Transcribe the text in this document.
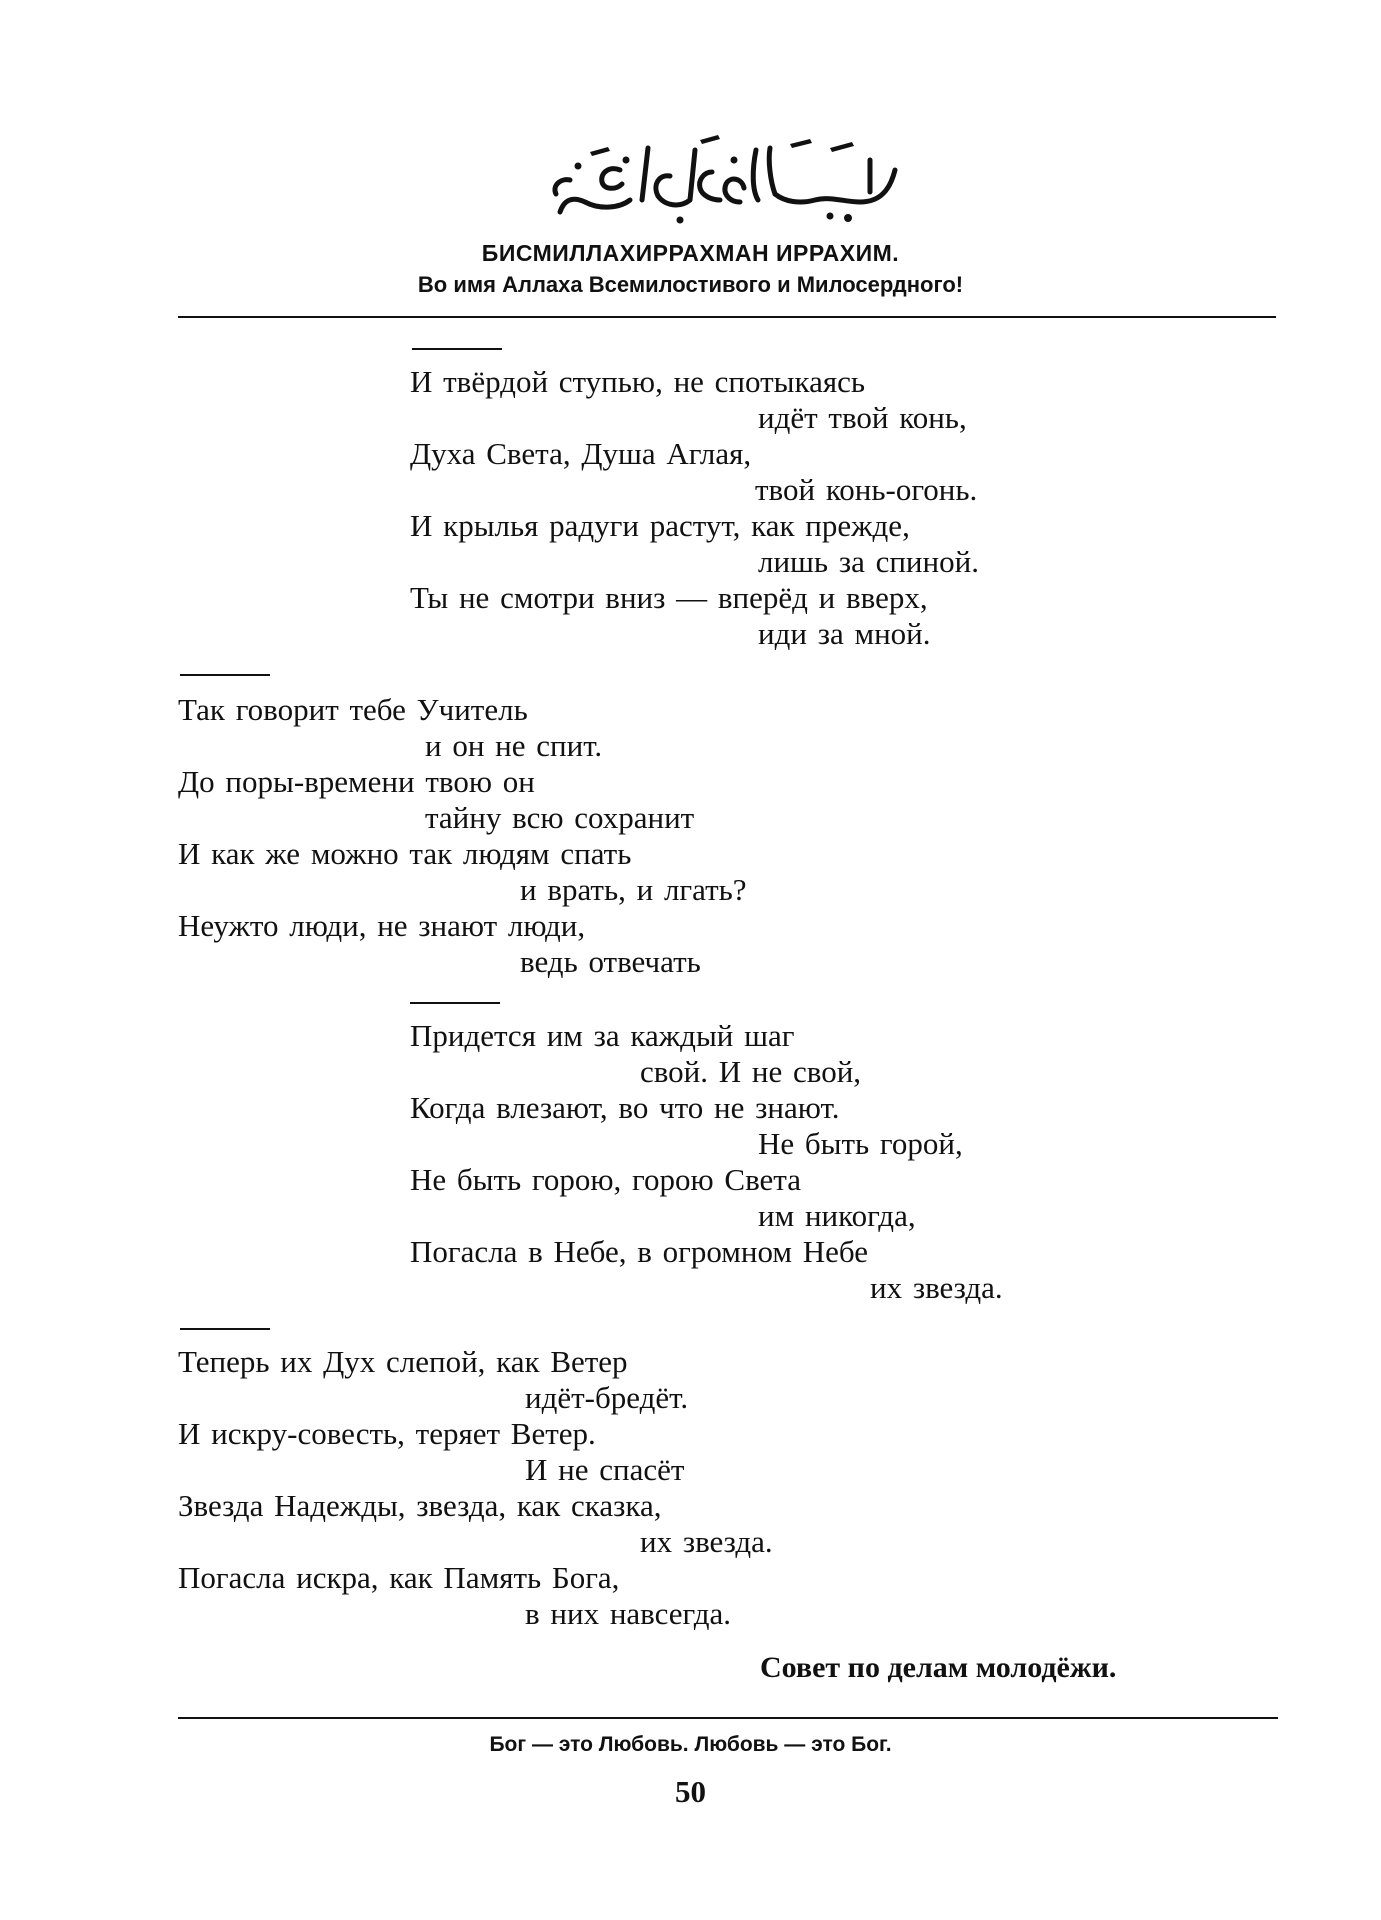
БИСМИЛЛАХИРРАХМАН ИРРАХИМ.
Во имя Аллаха Всемилостивого и Милосердного!
И твёрдой ступью, не спотыкаясь
идёт твой конь,
Духа Света, Душа Аглая,
твой конь-огонь.
И крылья радуги растут, как прежде,
лишь за спиной.
Ты не смотри вниз — вперёд и вверх,
иди за мной.
Так говорит тебе Учитель
и он не спит.
До поры-времени твою он
тайну всю сохранит
И как же можно так людям спать
и врать, и лгать?
Неужто люди, не знают люди,
ведь отвечать
Придется им за каждый шаг
свой. И не свой,
Когда влезают, во что не знают.
Не быть горой,
Не быть горою, горою Света
им никогда,
Погасла в Небе, в огромном Небе
их звезда.
Теперь их Дух слепой, как Ветер
идёт-бредёт.
И искру-совесть, теряет Ветер.
И не спасёт
Звезда Надежды, звезда, как сказка,
их звезда.
Погасла искра, как Память Бога,
в них навсегда.
Совет по делам молодёжи.
Бог — это Любовь. Любовь — это Бог.
50
